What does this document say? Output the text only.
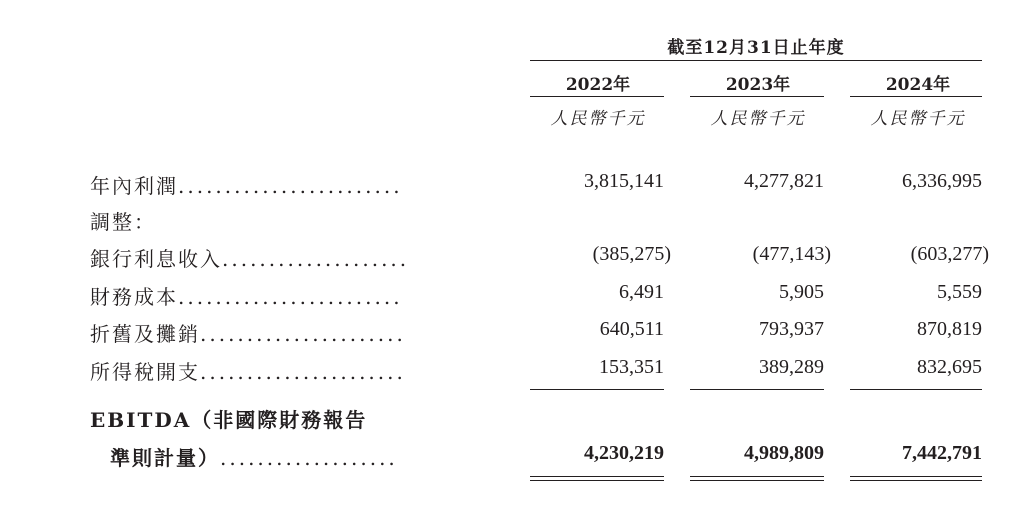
截至12月31日止年度
2022年	2023年	2024年
人民幣千元	人民幣千元	人民幣千元
年內利潤........................	3,815,141	4,277,821	6,336,995
調整：
銀行利息收入....................	(385,275)	(477,143)	(603,277)
財務成本........................	6,491	5,905	5,559
折舊及攤銷......................	640,511	793,937	870,819
所得稅開支......................	153,351	389,289	832,695
EBITDA（非國際財務報告
準則計量）...................	4,230,219	4,989,809	7,442,791
